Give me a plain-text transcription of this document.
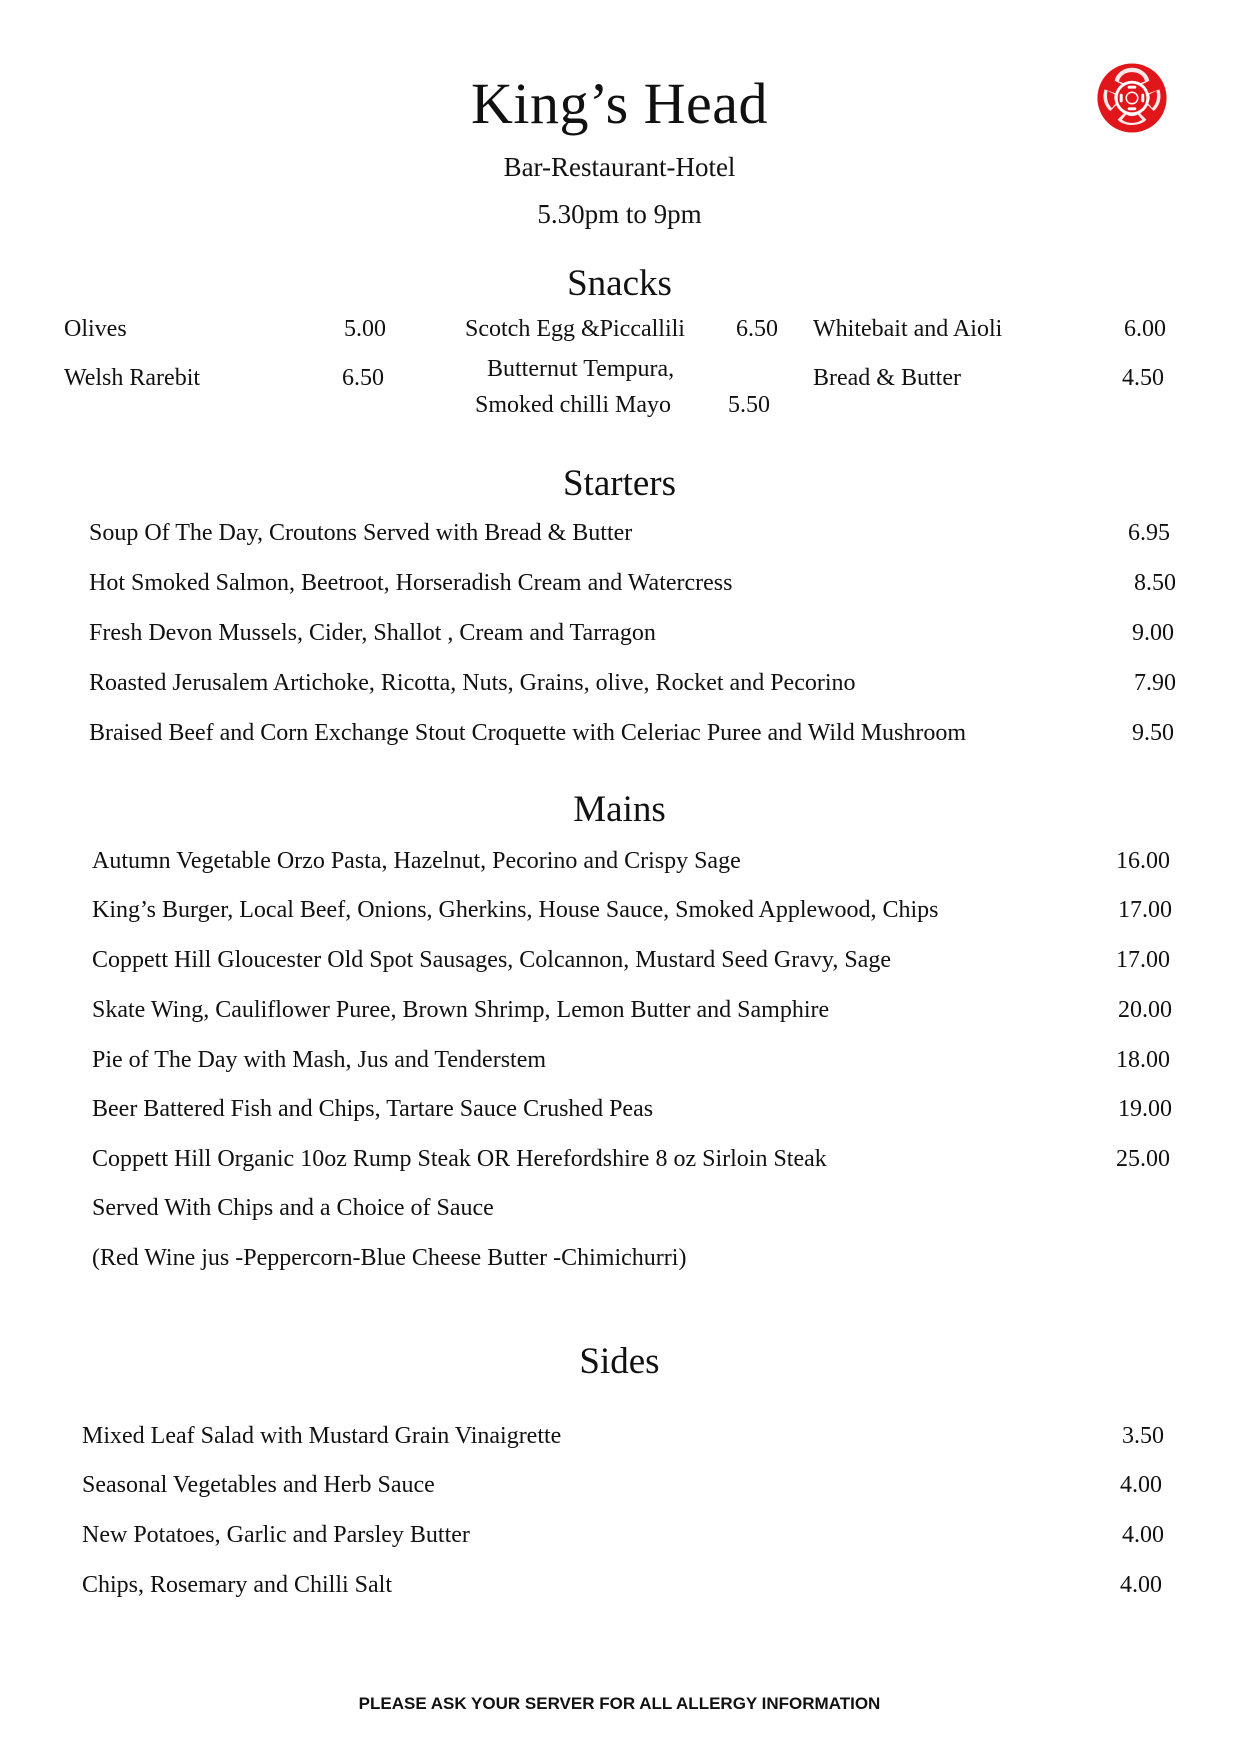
King’s Head
Bar-Restaurant-Hotel
5.30pm to 9pm
Snacks
Olives	5.00
Welsh Rarebit	6.50
Scotch Egg &Piccallili	6.50
Butternut Tempura,
Smoked chilli Mayo	5.50
Whitebait and Aioli	6.00
Bread & Butter	4.50
Starters
Soup Of The Day, Croutons Served with Bread & Butter	6.95
Hot Smoked Salmon, Beetroot, Horseradish Cream and Watercress	8.50
Fresh Devon Mussels, Cider, Shallot , Cream and Tarragon	9.00
Roasted Jerusalem Artichoke, Ricotta, Nuts, Grains, olive, Rocket and Pecorino	7.90
Braised Beef and Corn Exchange Stout Croquette with Celeriac Puree and Wild Mushroom	9.50
Mains
Autumn Vegetable Orzo Pasta, Hazelnut, Pecorino and Crispy Sage	16.00
King’s Burger, Local Beef, Onions, Gherkins, House Sauce, Smoked Applewood, Chips	17.00
Coppett Hill Gloucester Old Spot Sausages, Colcannon, Mustard Seed Gravy, Sage	17.00
Skate Wing, Cauliflower Puree, Brown Shrimp, Lemon Butter and Samphire	20.00
Pie of The Day with Mash, Jus and Tenderstem	18.00
Beer Battered Fish and Chips, Tartare Sauce Crushed Peas	19.00
Coppett Hill Organic 10oz Rump Steak OR Herefordshire 8 oz Sirloin Steak	25.00
Served With Chips and a Choice of Sauce
(Red Wine jus -Peppercorn-Blue Cheese Butter -Chimichurri)
Sides
Mixed Leaf Salad with Mustard Grain Vinaigrette	3.50
Seasonal Vegetables and Herb Sauce	4.00
New Potatoes, Garlic and Parsley Butter	4.00
Chips, Rosemary and Chilli Salt	4.00
PLEASE ASK YOUR SERVER FOR ALL ALLERGY INFORMATION
